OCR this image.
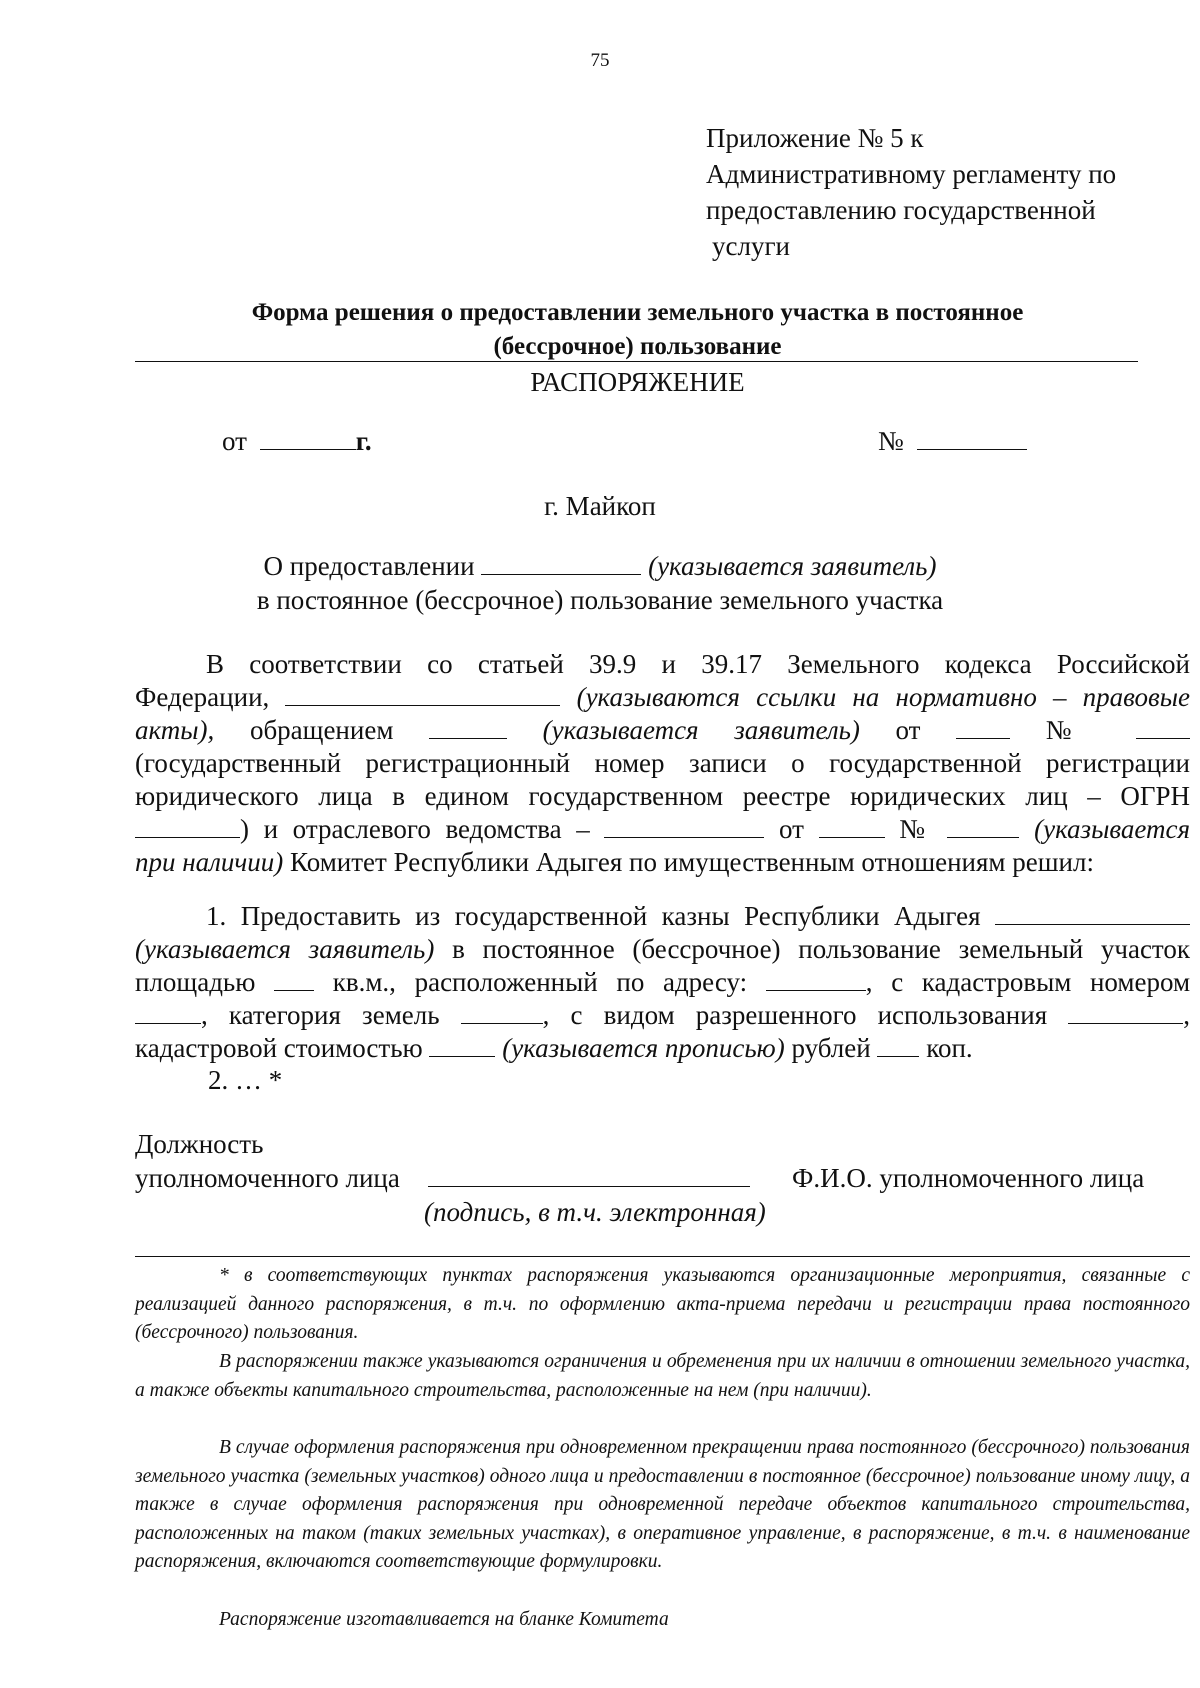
75
Приложение № 5 к
Административному регламенту по
предоставлению государственной
услуги
Форма решения о предоставлении земельного участка в постоянное
(бессрочное) пользование
РАСПОРЯЖЕНИЕ
от	г.	№
г. Майкоп
О предоставлении	(указывается заявитель)
в постоянное (бессрочное) пользование земельного участка
В соответствии со статьей 39.9 и 39.17 Земельного кодекса Российской
Федерации,	(указываются ссылки на нормативно – правовые
акты), обращением	(указывается заявитель) от	№
(государственный регистрационный номер записи о государственной регистрации
юридического лица в едином государственном реестре юридических лиц – ОГРН
) и отраслевого ведомства –	от	№	(указывается
при наличии) Комитет Республики Адыгея по имущественным отношениям решил:
1. Предоставить из государственной казны Республики Адыгея
(указывается заявитель) в постоянное (бессрочное) пользование земельный участок
площадью	кв.м., расположенный по адресу:	, с кадастровым номером
, категория земель	, с видом разрешенного использования	,
кадастровой стоимостью	(указывается прописью) рублей коп.
2. … *
Должность
уполномоченного лица	Ф.И.О. уполномоченного лица
(подпись, в т.ч. электронная)
* в соответствующих пунктах распоряжения указываются организационные мероприятия, связанные с реализацией данного распоряжения, в т.ч. по оформлению акта-приема передачи и регистрации права постоянного (бессрочного) пользования.
В распоряжении также указываются ограничения и обременения при их наличии в отношении земельного участка, а также объекты капитального строительства, расположенные на нем (при наличии).
В случае оформления распоряжения при одновременном прекращении права постоянного (бессрочного) пользования земельного участка (земельных участков) одного лица и предоставлении в постоянное (бессрочное) пользование иному лицу, а также в случае оформления распоряжения при одновременной передаче объектов капитального строительства, расположенных на таком (таких земельных участках), в оперативное управление, в распоряжение, в т.ч. в наименование распоряжения, включаются соответствующие формулировки.
Распоряжение изготавливается на бланке Комитета
